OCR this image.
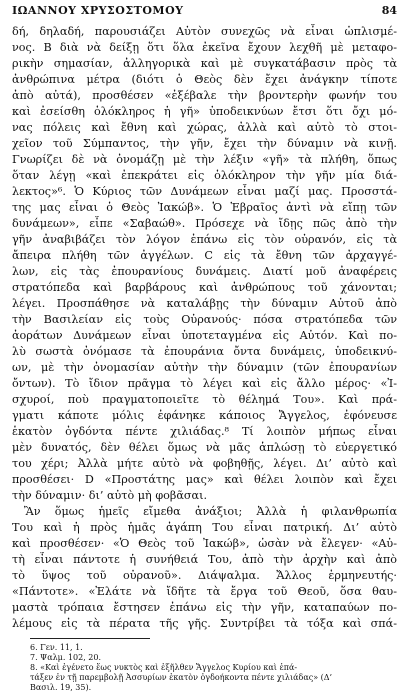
ΙΩΑΝΝΟΥ ΧΡΥΣΟΣΤΟΜΟΥ	84
δή, δηλαδή, παρουσιάζει Αὐτὸν συνεχῶς νὰ εἶναι ὡπλισμέ-
νος. B διὰ νὰ δείξῃ ὅτι ὅλα ἐκεῖνα ἔχουν λεχθῆ μὲ μεταφο-
ρικὴν σημασίαν, ἀλληγορικὰ καὶ μὲ συγκατάβασιν πρὸς τὰ
ἀνθρώπινα μέτρα (διότι ὁ Θεὸς δὲν ἔχει ἀνάγκην τίποτε
ἀπὸ αὐτά), προσθέσεν «ἐξέβαλε τὴν βροντερὴν φωνήν του
καὶ ἐσείσθη ὁλόκληρος ἡ γῆ» ὑποδεικνύων ἔτσι ὅτι ὄχι μό-
νας πόλεις καὶ ἔθνη καὶ χώρας, ἀλλὰ καὶ αὐτὸ τὸ στοι-
χεῖον τοῦ Σύμπαντος, τὴν γῆν, ἔχει τὴν δύναμιν νὰ κινῇ.
Γνωρίζει δὲ νὰ ὀνομάζῃ μὲ τὴν λέξιν «γῆ» τὰ πλήθη, ὅπως
ὅταν λέγῃ «καὶ ἐπεκράτει εἰς ὁλόκληρον τὴν γῆν μία διά-
λεκτος»⁶. Ὁ Κύριος τῶν Δυνάμεων εἶναι μαζί μας. Προσστά-
της μας εἶναι ὁ Θεὸς Ἰακώβ». Ὁ Ἑβραῖος ἀντὶ νὰ εἴπῃ τῶν
δυνάμεων», εἶπε «Σαβαώθ». Πρόσεχε νὰ ἴδῃς πῶς ἀπὸ τὴν
γῆν ἀναβιβάζει τὸν λόγον ἐπάνω εἰς τὸν οὐρανόν, εἰς τὰ
ἄπειρα πλήθη τῶν ἀγγέλων. C εἰς τὰ ἔθνη τῶν ἀρχαγγέ-
λων, εἰς τὰς ἐπουρανίους δυνάμεις. Διατί μοῦ ἀναφέρεις
στρατόπεδα καὶ βαρβάρους καὶ ἀνθρώπους τοῦ χάνονται;
λέγει. Προσπάθησε νὰ καταλάβῃς τὴν δύναμιν Αὐτοῦ ἀπὸ
τὴν Βασιλείαν εἰς τοὺς Οὐρανούς· πόσα στρατόπεδα τῶν
ἀοράτων Δυνάμεων εἶναι ὑποτεταγμένα εἰς Αὐτόν. Καὶ πο-
λὺ σωστὰ ὀνόμασε τὰ ἐπουράνια ὄντα δυνάμεις, ὑποδεικνύ-
ων, μὲ τὴν ὀνομασίαν αὐτὴν τὴν δύναμιν (τῶν ἐπουρανίων
ὄντων). Τὸ ἴδιον πρᾶγμα τὸ λέγει καὶ εἰς ἄλλο μέρος· «Ἰ-
σχυροί, ποὺ πραγματοποιεῖτε τὸ θέλημά Του». Καὶ πρά-
γματι κάποτε μόλις ἐφάνηκε κάποιος Ἄγγελος, ἐφόνευσε
ἑκατὸν ὀγδόντα πέντε χιλιάδας.⁸ Τί λοιπὸν μήπως εἶναι
μὲν δυνατός, δὲν θέλει ὅμως νὰ μᾶς ἁπλώσῃ τὸ εὐεργετικό
του χέρι; Ἀλλὰ μήτε αὐτὸ νὰ φοβηθῇς, λέγει. Δι’ αὐτὸ καὶ
προσθέσει· D «Προστάτης μας» καὶ θέλει λοιπὸν καὶ ἔχει
τὴν δύναμιν· δι’ αὐτὸ μὴ φοβᾶσαι.
Ἂν ὅμως ἡμεῖς εἴμεθα ἀνάξιοι; Ἀλλὰ ἡ φιλανθρωπία
Του καὶ ἡ πρὸς ἡμᾶς ἀγάπη Του εἶναι πατρική. Δι’ αὐτὸ
καὶ προσθέσεν· «Ὁ Θεὸς τοῦ Ἰακώβ», ὡσὰν νὰ ἔλεγεν· «Αὐ-
τὴ εἶναι πάντοτε ἡ συνήθειά Του, ἀπὸ τὴν ἀρχὴν καὶ ἀπὸ
τὸ ὕψος τοῦ οὐρανοῦ». Διάψαλμα. Ἄλλος ἑρμηνευτής·
«Πάντοτε». «Ἐλάτε νὰ ἴδῆτε τὰ ἔργα τοῦ Θεοῦ, ὅσα θαυ-
μαστὰ τρόπαια ἔστησεν ἐπάνω εἰς τὴν γῆν, καταπαύων πο-
λέμους εἰς τὰ πέρατα τῆς γῆς. Συντρίβει τὰ τόξα καὶ σπά-
6. Γεν. 11, 1.
7. Ψαλμ. 102, 20.
8. «Καὶ ἐγένετο ἕως νυκτὸς καὶ ἐξῆλθεν Ἄγγελος Κυρίου καὶ ἐπά-
τάξεν ἐν τῇ παρεμβολῇ Ἀσσυρίων ἑκατὸν ὀγδοήκοντα πέντε χιλιάδας» (Δ’
Βασιλ. 19, 35).
